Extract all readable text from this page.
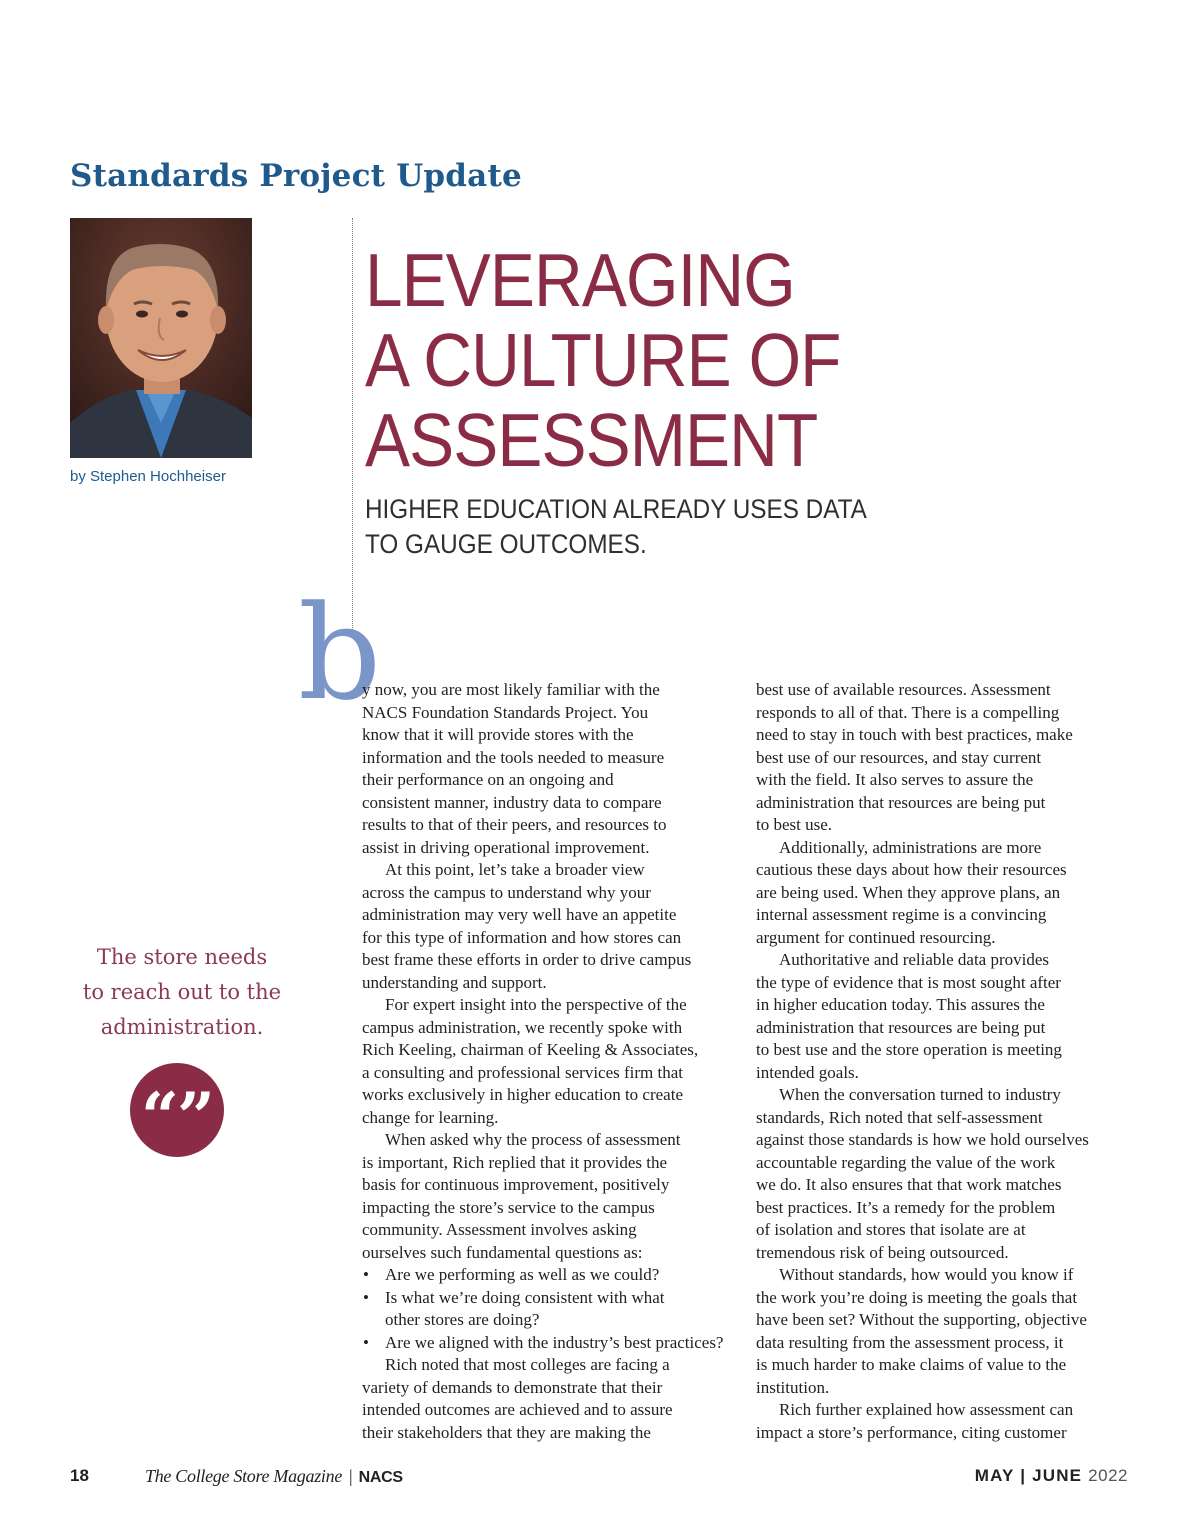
Standards Project Update
by Stephen Hochheiser
LEVERAGING
A CULTURE OF
ASSESSMENT
HIGHER EDUCATION ALREADY USES DATA
TO GAUGE OUTCOMES.
b
The store needs
to reach out to the
administration.
“”
y now, you are most likely familiar with the
NACS Foundation Standards Project. You
know that it will provide stores with the
information and the tools needed to measure
their performance on an ongoing and
consistent manner, industry data to compare
results to that of their peers, and resources to
assist in driving operational improvement.
At this point, let’s take a broader view
across the campus to understand why your
administration may very well have an appetite
for this type of information and how stores can
best frame these efforts in order to drive campus
understanding and support.
For expert insight into the perspective of the
campus administration, we recently spoke with
Rich Keeling, chairman of Keeling & Associates,
a consulting and professional services firm that
works exclusively in higher education to create
change for learning.
When asked why the process of assessment
is important, Rich replied that it provides the
basis for continuous improvement, positively
impacting the store’s service to the campus
community. Assessment involves asking
ourselves such fundamental questions as:
• Are we performing as well as we could?
• Is what we’re doing consistent with what
other stores are doing?
• Are we aligned with the industry’s best practices?
Rich noted that most colleges are facing a
variety of demands to demonstrate that their
intended outcomes are achieved and to assure
their stakeholders that they are making the
best use of available resources. Assessment
responds to all of that. There is a compelling
need to stay in touch with best practices, make
best use of our resources, and stay current
with the field. It also serves to assure the
administration that resources are being put
to best use.
Additionally, administrations are more
cautious these days about how their resources
are being used. When they approve plans, an
internal assessment regime is a convincing
argument for continued resourcing.
Authoritative and reliable data provides
the type of evidence that is most sought after
in higher education today. This assures the
administration that resources are being put
to best use and the store operation is meeting
intended goals.
When the conversation turned to industry
standards, Rich noted that self-assessment
against those standards is how we hold ourselves
accountable regarding the value of the work
we do. It also ensures that that work matches
best practices. It’s a remedy for the problem
of isolation and stores that isolate are at
tremendous risk of being outsourced.
Without standards, how would you know if
the work you’re doing is meeting the goals that
have been set? Without the supporting, objective
data resulting from the assessment process, it
is much harder to make claims of value to the
institution.
Rich further explained how assessment can
impact a store’s performance, citing customer
18	The College Store Magazine | NACS	MAY | JUNE 2022
